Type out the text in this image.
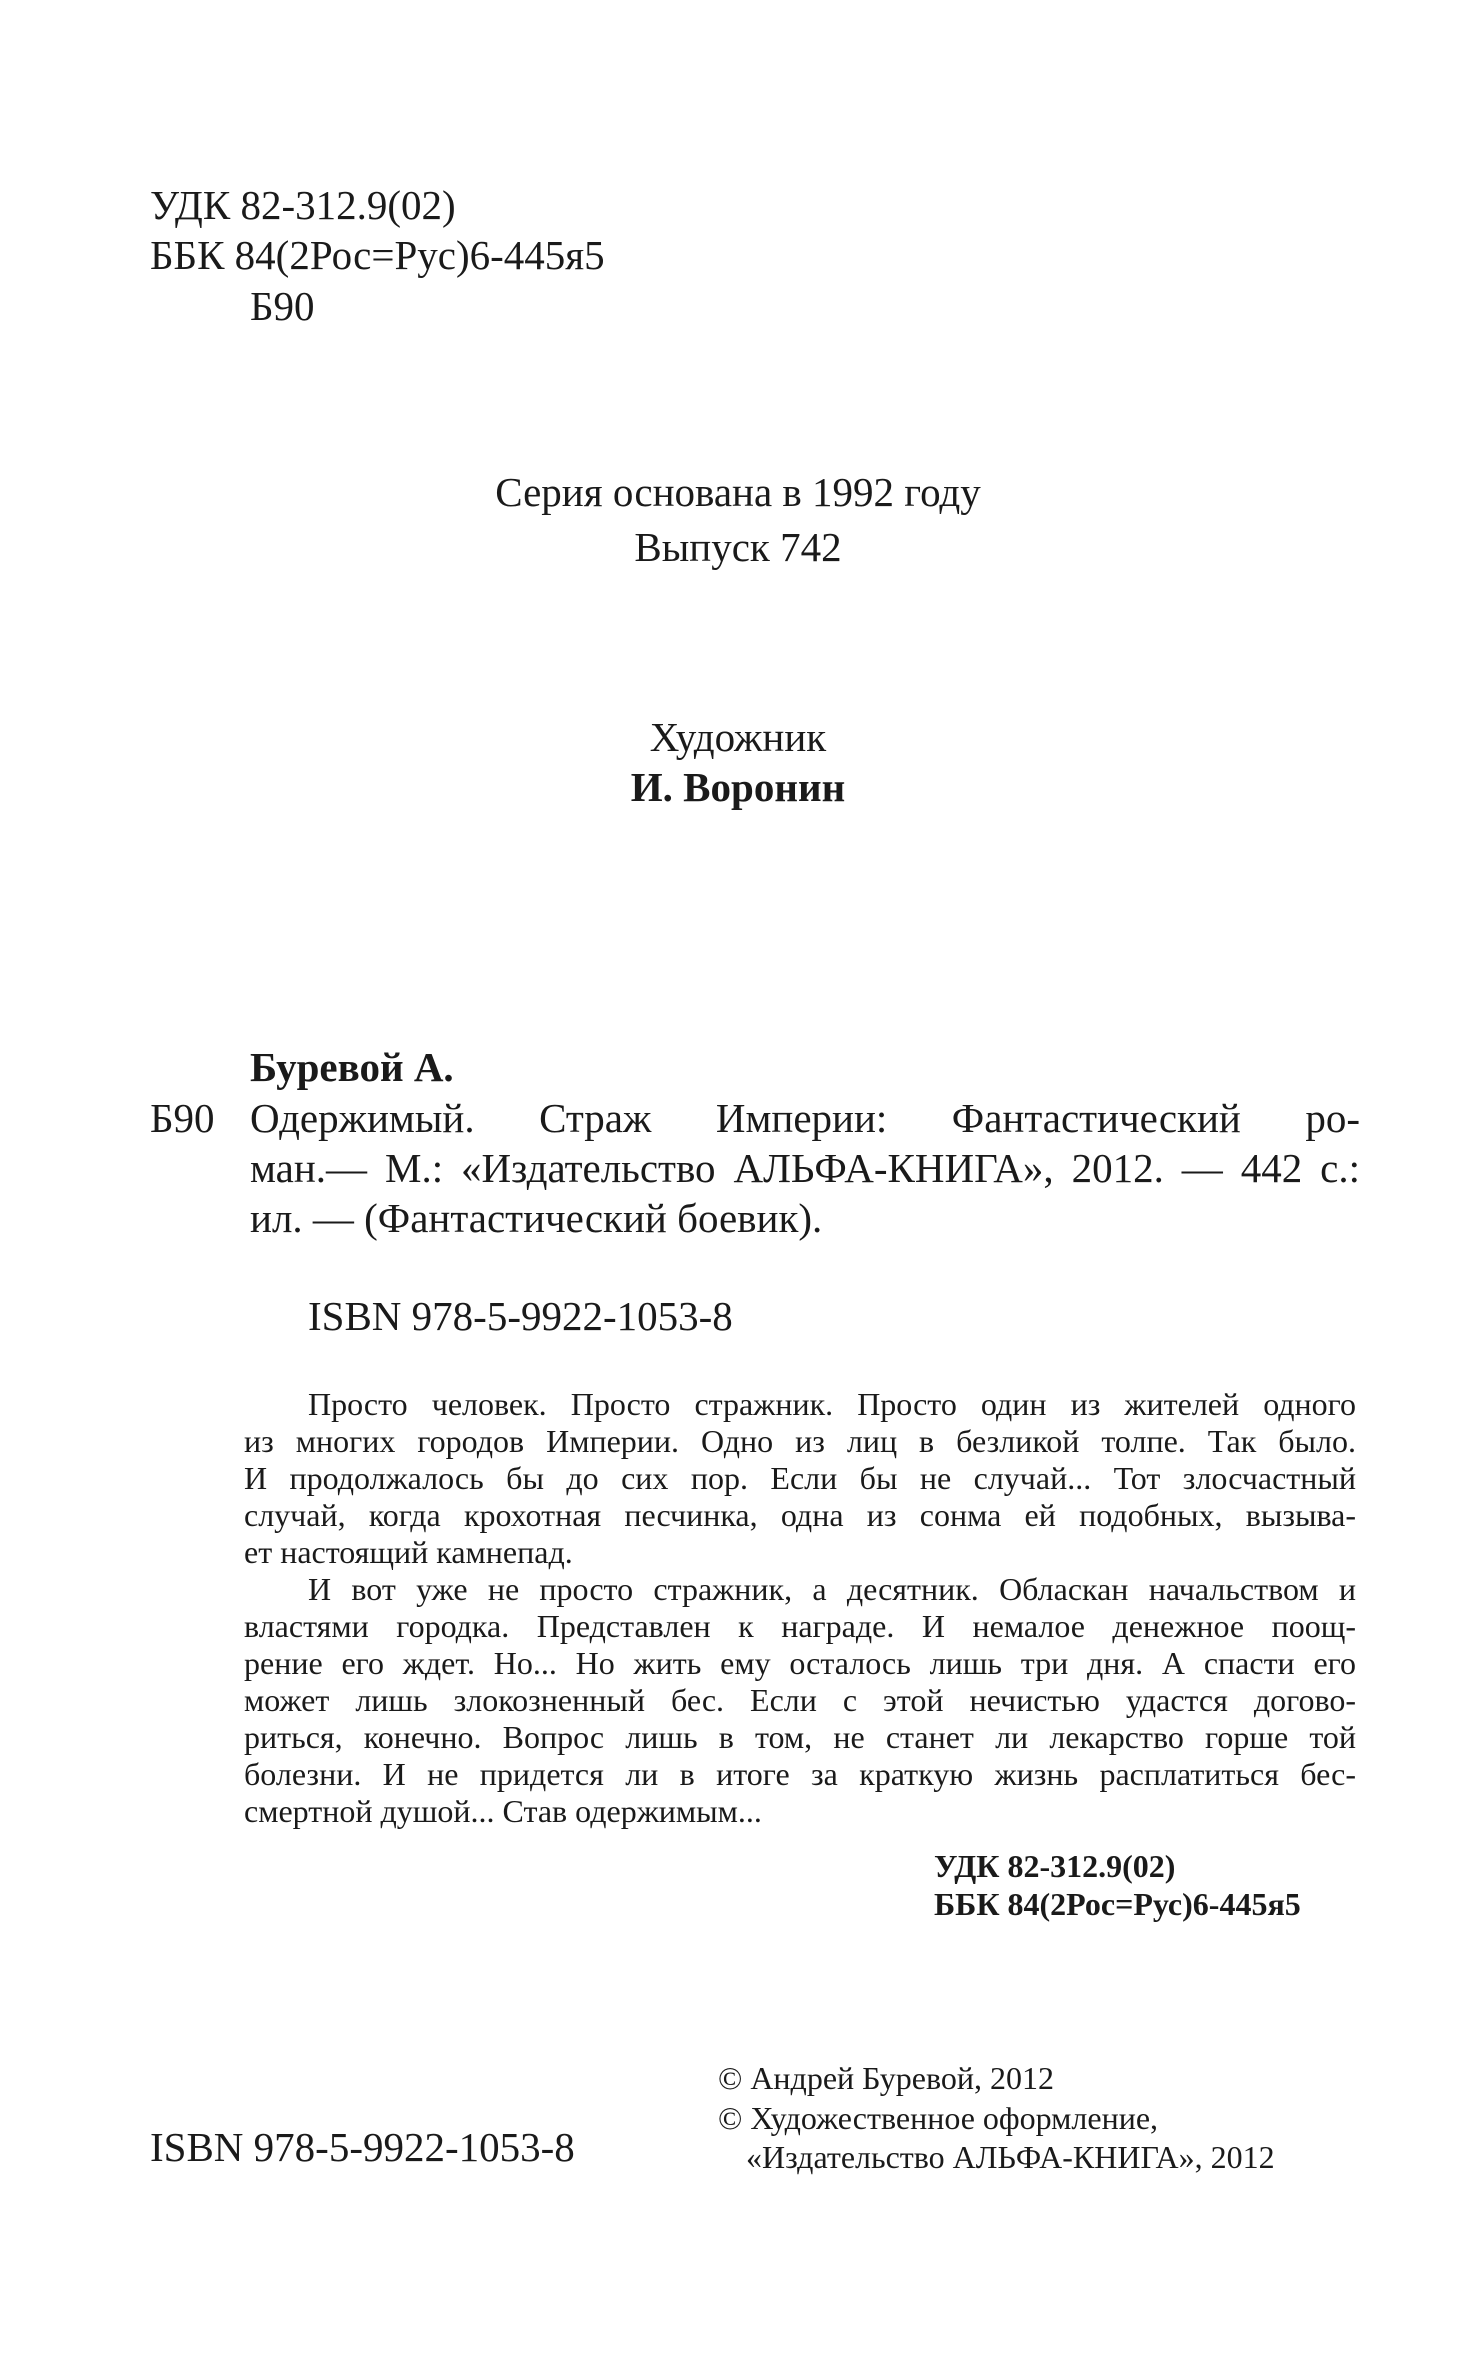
УДК 82-312.9(02)
ББК 84(2Рос=Рус)6-445я5
Б90
Серия основана в 1992 году
Выпуск 742
Художник
И. Воронин
Буревой А.
Б90 Одержимый. Страж Империи: Фантастический ро-
ман.— М.: «Издательство АЛЬФА-КНИГА», 2012. — 442 с.:
ил. — (Фантастический боевик).
ISBN 978-5-9922-1053-8
Просто человек. Просто стражник. Просто один из жителей одного
из многих городов Империи. Одно из лиц в безликой толпе. Так было.
И продолжалось бы до сих пор. Если бы не случай... Тот злосчастный
случай, когда крохотная песчинка, одна из сонма ей подобных, вызыва-
ет настоящий камнепад.
И вот уже не просто стражник, а десятник. Обласкан начальством и
властями городка. Представлен к награде. И немалое денежное поощ-
рение его ждет. Но... Но жить ему осталось лишь три дня. А спасти его
может лишь злокозненный бес. Если с этой нечистью удастся догово-
риться, конечно. Вопрос лишь в том, не станет ли лекарство горше той
болезни. И не придется ли в итоге за краткую жизнь расплатиться бес-
смертной душой... Став одержимым...
УДК 82-312.9(02)
ББК 84(2Рос=Рус)6-445я5
ISBN 978-5-9922-1053-8
© Андрей Буревой, 2012
© Художественное оформление,
«Издательство АЛЬФА-КНИГА», 2012
